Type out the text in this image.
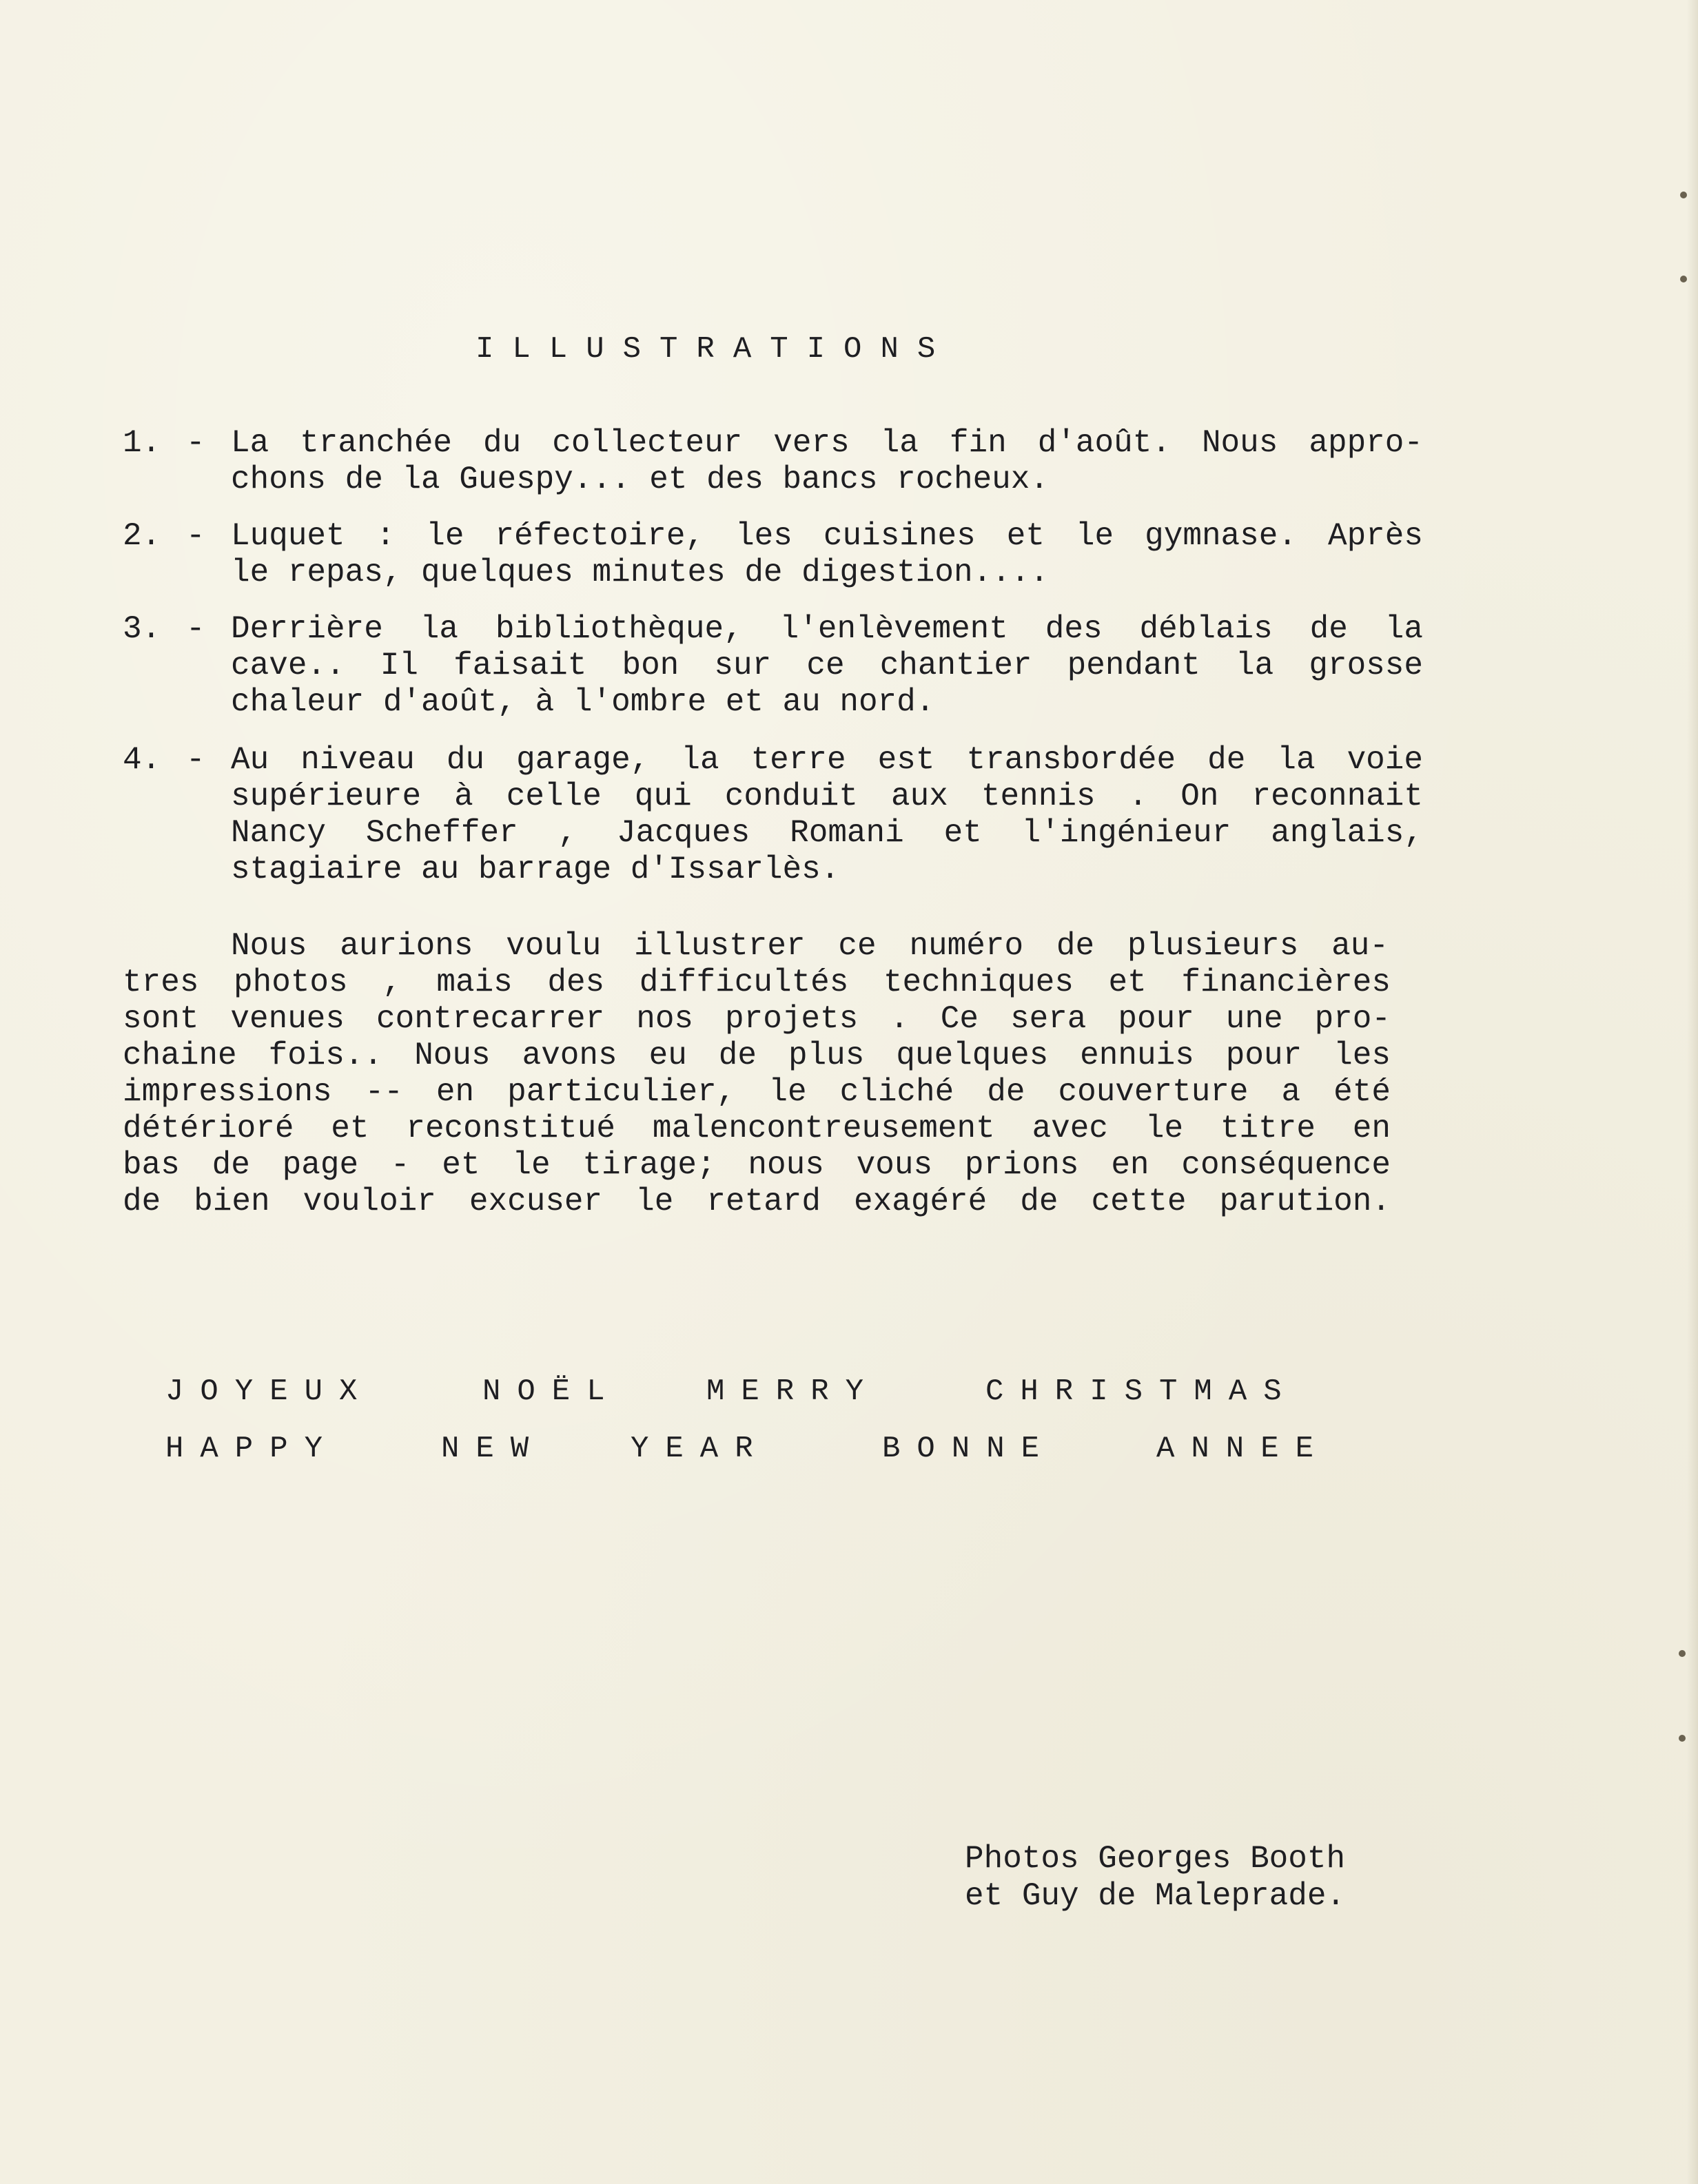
ILLUSTRATIONS
1. - La tranchée du collecteur vers la fin d'août. Nous appro-
chons de la Guespy... et des bancs rocheux.
2. - Luquet : le réfectoire, les cuisines et le gymnase. Après
le repas, quelques minutes de digestion....
3. - Derrière la bibliothèque, l'enlèvement des déblais de la
cave.. Il faisait bon sur ce chantier pendant la grosse
chaleur d'août, à l'ombre et au nord.
4. - Au niveau du garage, la terre est transbordée de la voie
supérieure à celle qui conduit aux tennis . On reconnait
Nancy Scheffer , Jacques Romani et l'ingénieur anglais,
stagiaire au barrage d'Issarlès.
Nous aurions voulu illustrer ce numéro de plusieurs au-
tres photos , mais des difficultés techniques et financières
sont venues contrecarrer nos projets . Ce sera pour une pro-
chaine fois.. Nous avons eu de plus quelques ennuis pour les
impressions -- en particulier, le cliché de couverture a été
détérioré et reconstitué malencontreusement avec le titre en
bas de page - et le tirage; nous vous prions en conséquence
de bien vouloir excuser le retard exagéré de cette parution.
JOYEUX	NOËL	MERRY	CHRISTMAS
HAPPY	NEW	YEAR	BONNE	ANNEE
Photos Georges Booth
et Guy de Maleprade.
